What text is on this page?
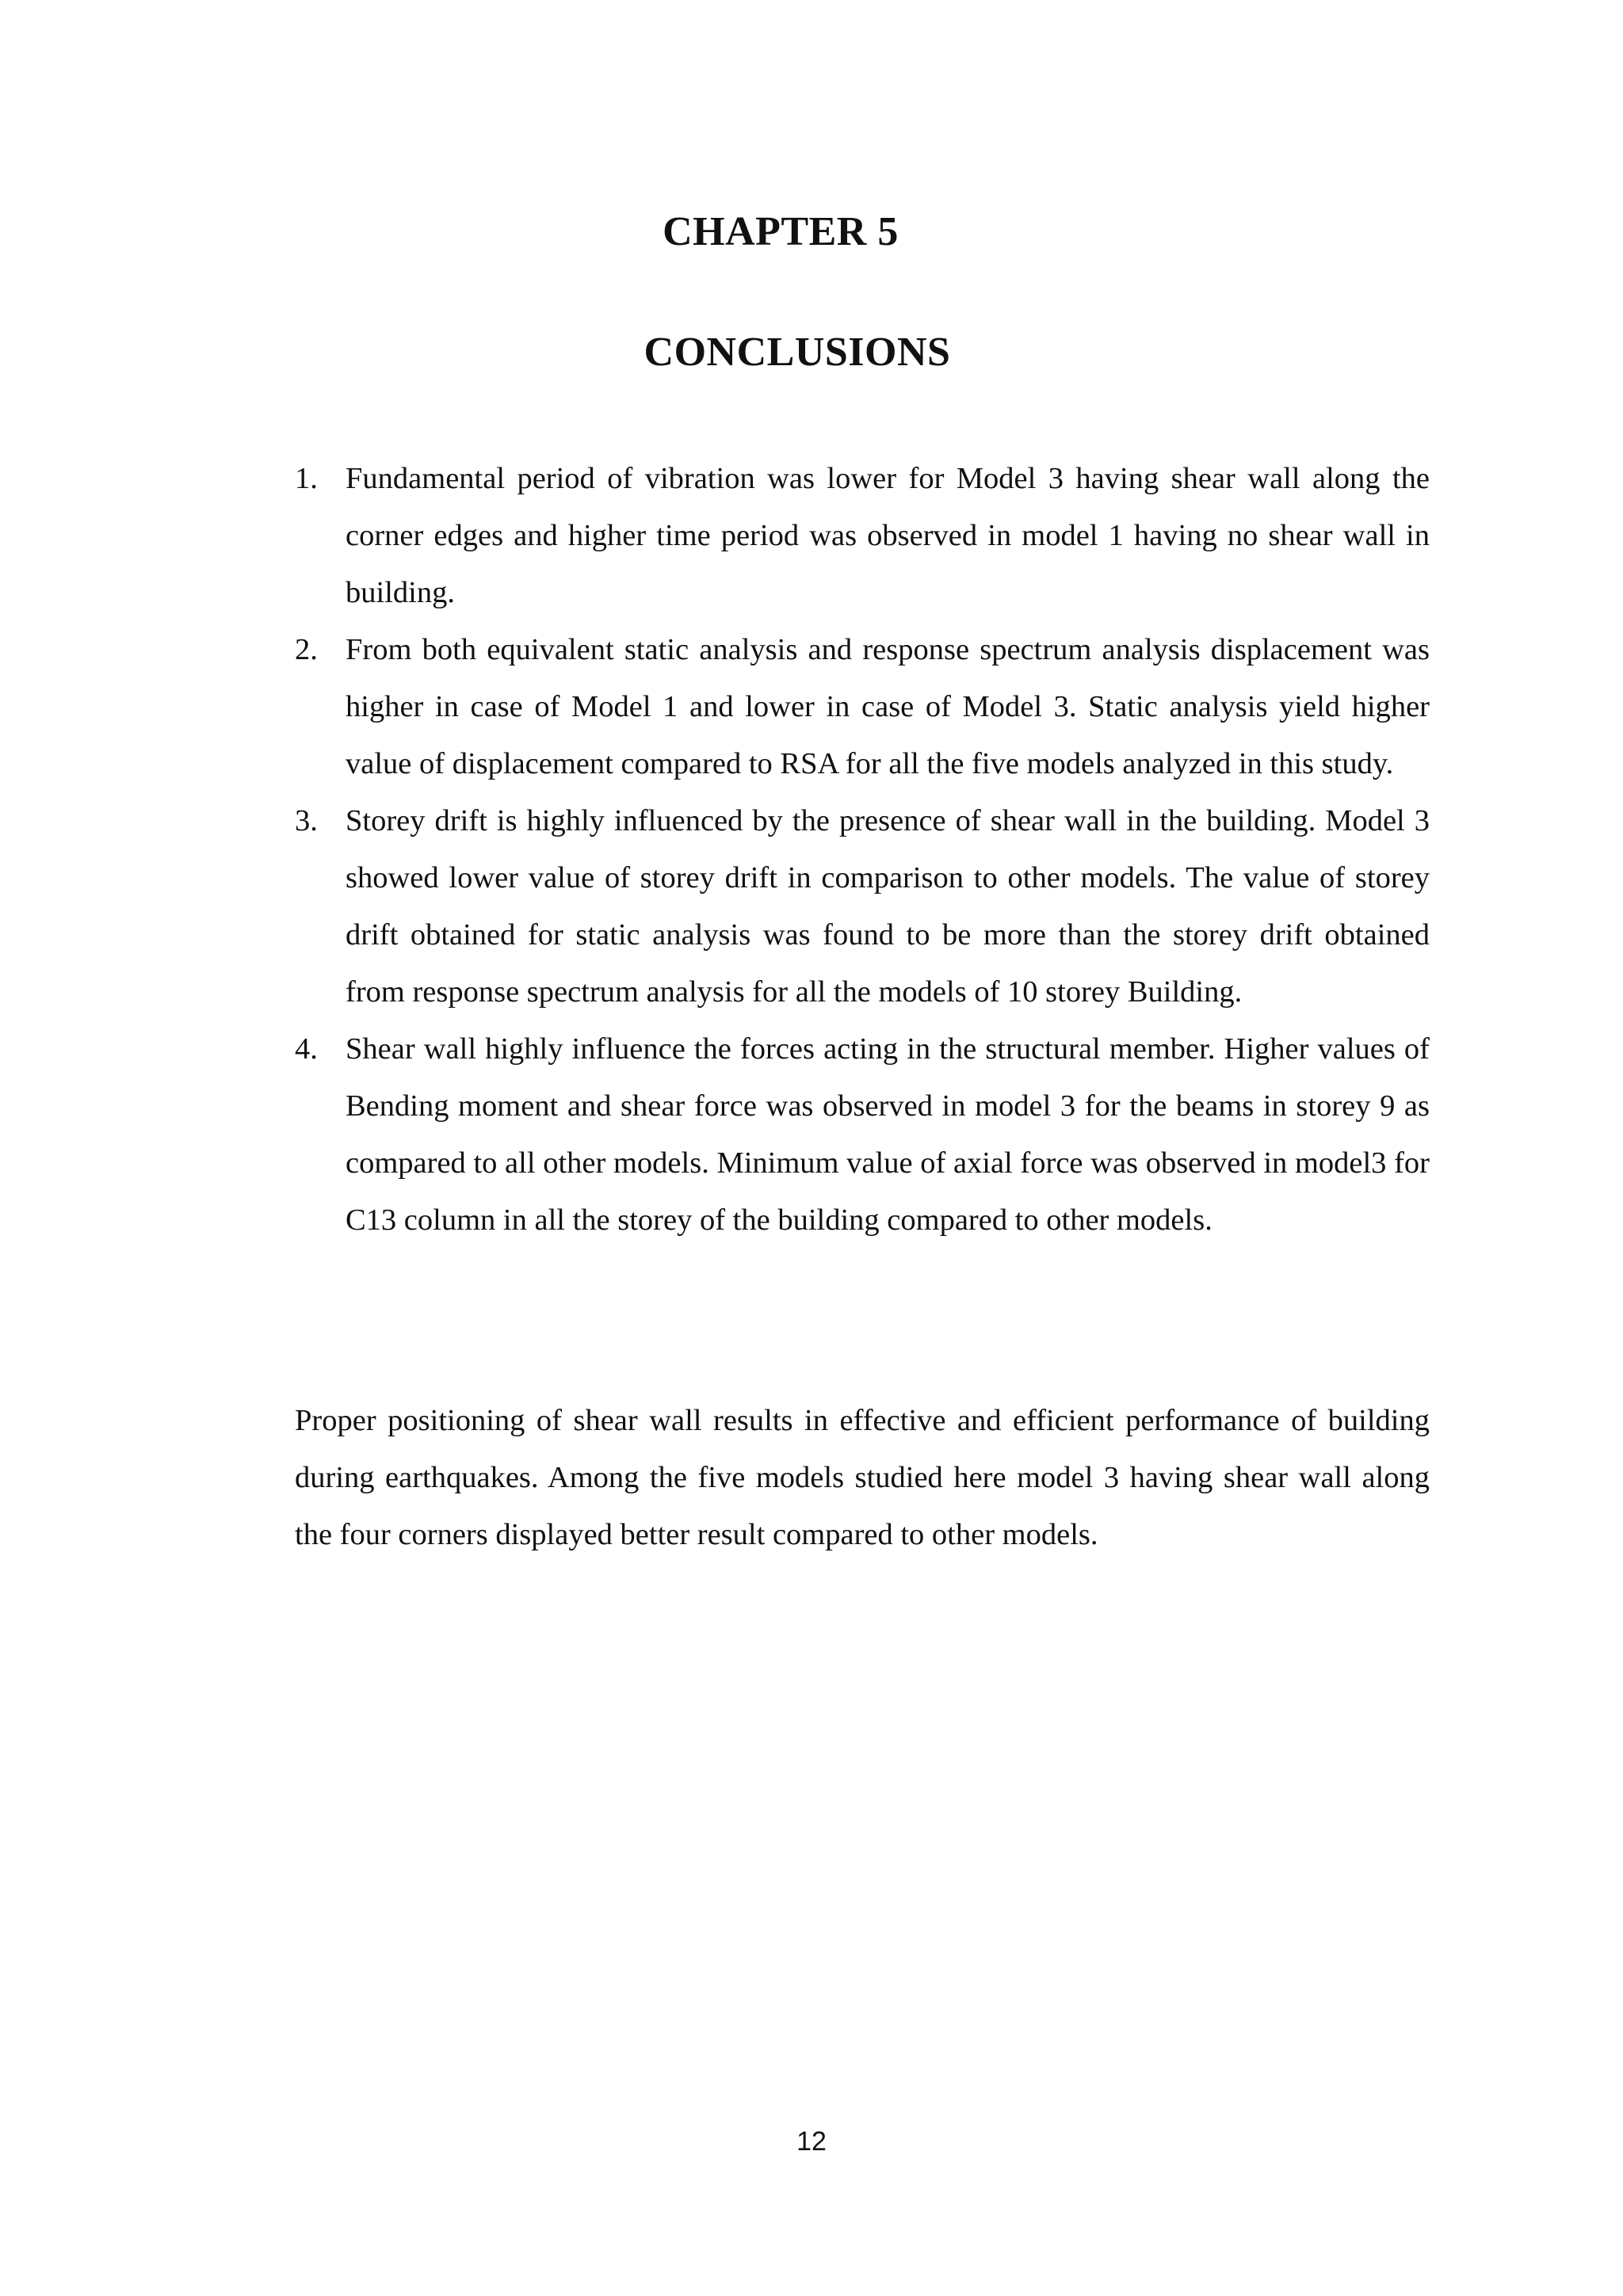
CHAPTER 5
CONCLUSIONS
1. Fundamental period of vibration was lower for Model 3 having shear wall along the corner edges and higher time period was observed in model 1 having no shear wall in building.
2. From both equivalent static analysis and response spectrum analysis displacement was higher in case of Model 1 and lower in case of Model 3. Static analysis yield higher value of displacement compared to RSA for all the five models analyzed in this study.
3. Storey drift is highly influenced by the presence of shear wall in the building. Model 3 showed lower value of storey drift in comparison to other models. The value of storey drift obtained for static analysis was found to be more than the storey drift obtained from response spectrum analysis for all the models of 10 storey Building.
4. Shear wall highly influence the forces acting in the structural member. Higher values of Bending moment and shear force was observed in model 3 for the beams in storey 9 as compared to all other models. Minimum value of axial force was observed in model3 for C13 column in all the storey of the building compared to other models.

Proper positioning of shear wall results in effective and efficient performance of building during earthquakes. Among the five models studied here model 3 having shear wall along the four corners displayed better result compared to other models.

12
